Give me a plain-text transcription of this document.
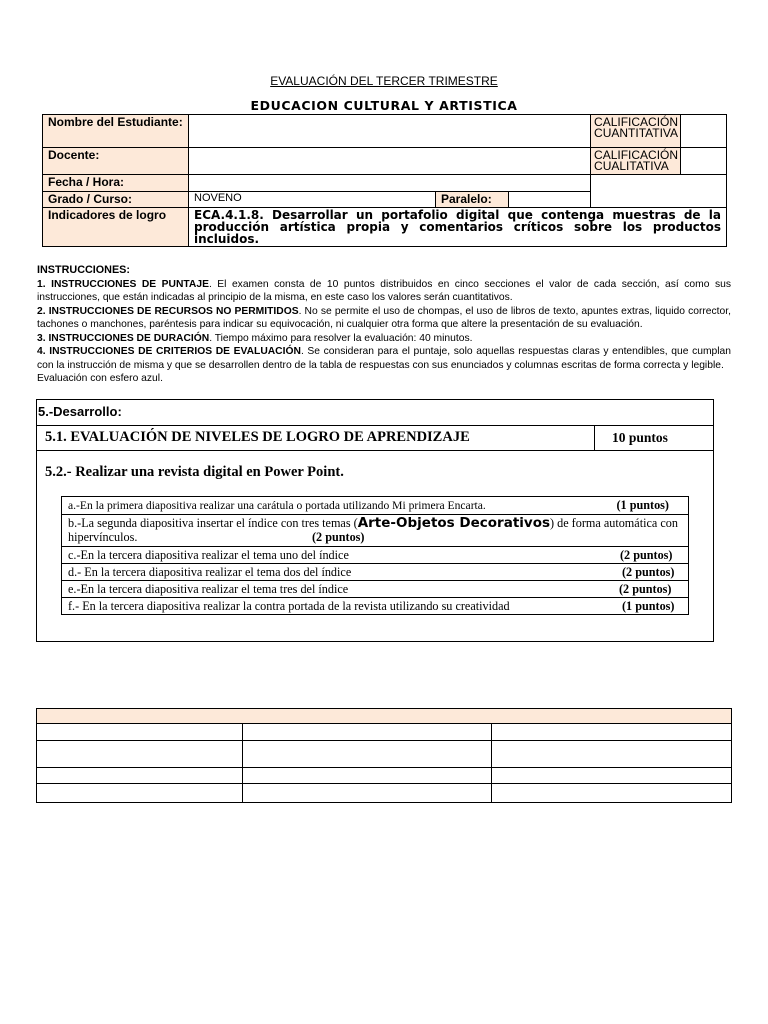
EVALUACIÓN DEL TERCER TRIMESTRE
EDUCACION CULTURAL Y ARTISTICA
Nombre del Estudiante:				CALIFICACIÓN
CUANTITATIVA	
Docente:				CALIFICACIÓN
CUALITATIVA	
Fecha / Hora:					
Grado / Curso:	NOVENO	Paralelo:			
Indicadores de logro	ECA.4.1.8. Desarrollar un portafolio digital que contenga muestras de la producción artística propia y comentarios críticos sobre los productos incluidos.				

INSTRUCCIONES:

1. INSTRUCCIONES DE PUNTAJE. El examen consta de 10 puntos distribuidos en cinco secciones el valor de cada sección, así como sus instrucciones, que están indicadas al principio de la misma, en este caso los valores serán cuantitativos.

2. INSTRUCCIONES DE RECURSOS NO PERMITIDOS. No se permite el uso de chompas, el uso de libros de texto, apuntes extras, liquido corrector, tachones o manchones, paréntesis para indicar su equivocación, ni cualquier otra forma que altere la presentación de su evaluación.

3. INSTRUCCIONES DE DURACIÓN. Tiempo máximo para resolver la evaluación: 40 minutos.

4. INSTRUCCIONES DE CRITERIOS DE EVALUACIÓN. Se consideran para el puntaje, solo aquellas respuestas claras y entendibles, que cumplan con la instrucción de misma y que se desarrollen dentro de la tabla de respuestas con sus enunciados y columnas escritas de forma correcta y legible.

Evaluación con esfero azul.

5.-Desarrollo:
5.1. EVALUACIÓN DE NIVELES DE LOGRO DE APRENDIZAJE	10 puntos
5.2.- Realizar una revista digital en Power Point.
a.-En la primera diapositiva realizar una carátula o portada utilizando Mi primera Encarta.	(1 puntos)

b.-La segunda diapositiva insertar el índice con tres temas (Arte-Objetos Decorativos) de forma automática con hipervínculos.	(2 puntos)

c.-En la tercera diapositiva realizar el tema uno del índice	(2 puntos)

d.- En la tercera diapositiva realizar el tema dos del índice	(2 puntos)

e.-En la tercera diapositiva realizar el tema tres del índice	(2 puntos)

f.- En la tercera diapositiva realizar la contra portada de la revista utilizando su creatividad	(1 puntos)
